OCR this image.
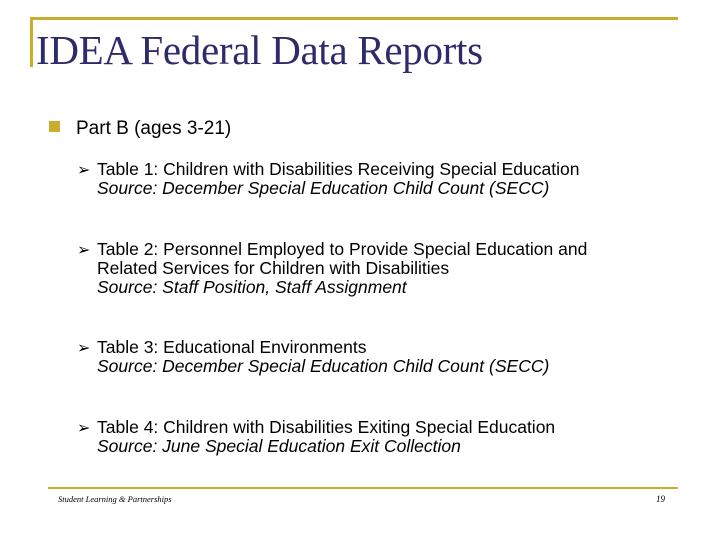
IDEA Federal Data Reports
Part B (ages 3-21)
➢ Table 1: Children with Disabilities Receiving Special Education
Source: December Special Education Child Count (SECC)
➢ Table 2: Personnel Employed to Provide Special Education and
Related Services for Children with Disabilities
Source: Staff Position, Staff Assignment
➢ Table 3: Educational Environments
Source: December Special Education Child Count (SECC)
➢ Table 4: Children with Disabilities Exiting Special Education
Source: June Special Education Exit Collection
Student Learning & Partnerships	19
